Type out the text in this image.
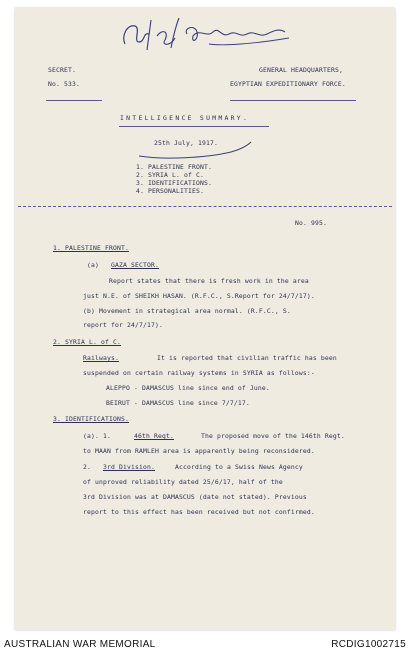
SECRET.
No. 533.
GENERAL HEADQUARTERS,
EGYPTIAN EXPEDITIONARY FORCE.
INTELLIGENCE SUMMARY.
25th July, 1917.
1. PALESTINE FRONT.
2. SYRIA L. of C.
3. IDENTIFICATIONS.
4. PERSONALITIES.
No. 995.
1. PALESTINE FRONT.
(a) GAZA SECTOR.
Report states that there is fresh work in the area
just N.E. of SHEIKH HASAN. (R.F.C., S.Report for 24/7/17).
(b) Movement in strategical area normal. (R.F.C., S.
report for 24/7/17).
2. SYRIA L. of C.
Railways.	It is reported that civilian traffic has been
suspended on certain railway systems in SYRIA as follows:-
ALEPPO - DAMASCUS line since end of June.
BEIRUT - DAMASCUS line since 7/7/17.
3. IDENTIFICATIONS.
(a). 1.	46th Regt.	The proposed move of the 146th Regt.
to MAAN from RAMLEH area is apparently being reconsidered.
2. 3rd Division.	According to a Swiss News Agency
of unproved reliability dated 25/6/17, half of the
3rd Division was at DAMASCUS (date not stated). Previous
report to this effect has been received but not confirmed.
AUSTRALIAN WAR MEMORIAL	RCDIG1002715
